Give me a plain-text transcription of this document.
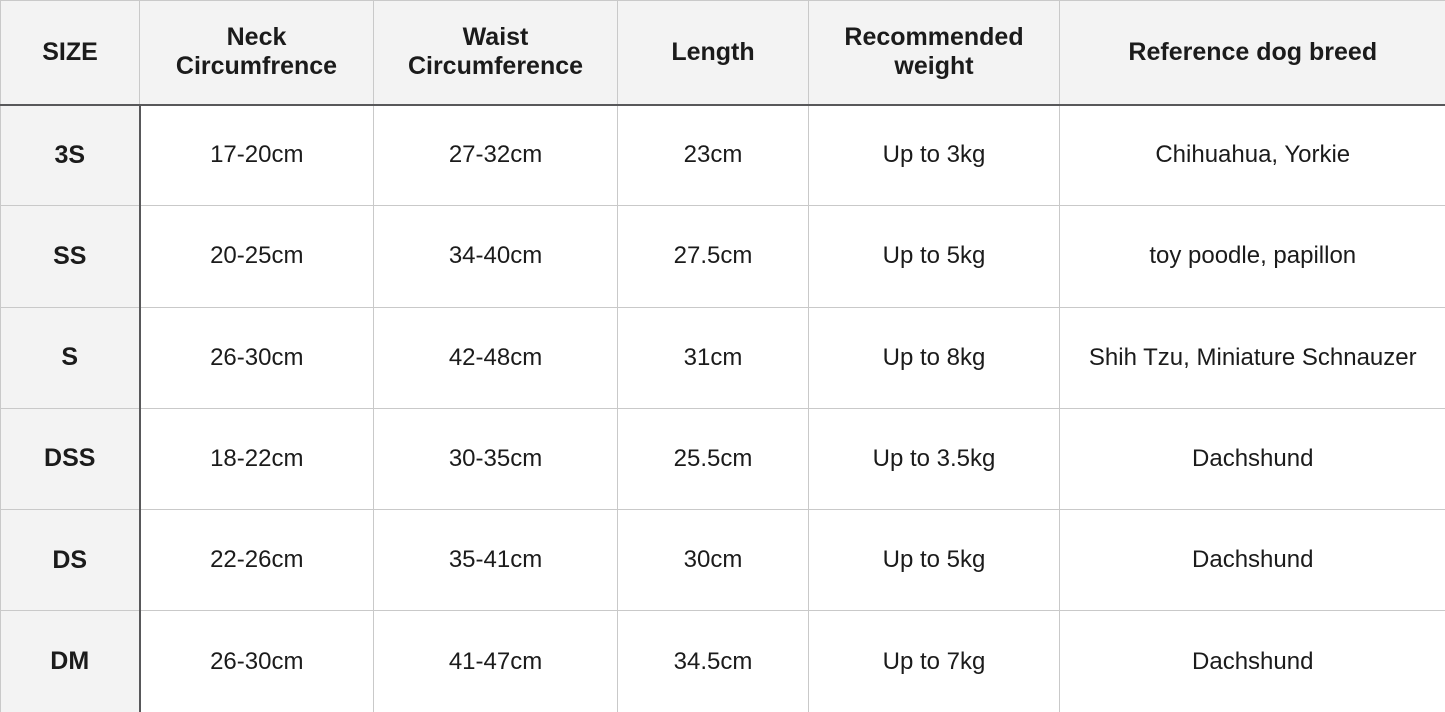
SIZE	Neck Circumfrence	Waist Circumference	Length	Recommended weight	Reference dog breed
3S	17-20cm	27-32cm	23cm	Up to 3kg	Chihuahua, Yorkie
SS	20-25cm	34-40cm	27.5cm	Up to 5kg	toy poodle, papillon
S	26-30cm	42-48cm	31cm	Up to 8kg	Shih Tzu, Miniature Schnauzer
DSS	18-22cm	30-35cm	25.5cm	Up to 3.5kg	Dachshund
DS	22-26cm	35-41cm	30cm	Up to 5kg	Dachshund
DM	26-30cm	41-47cm	34.5cm	Up to 7kg	Dachshund
